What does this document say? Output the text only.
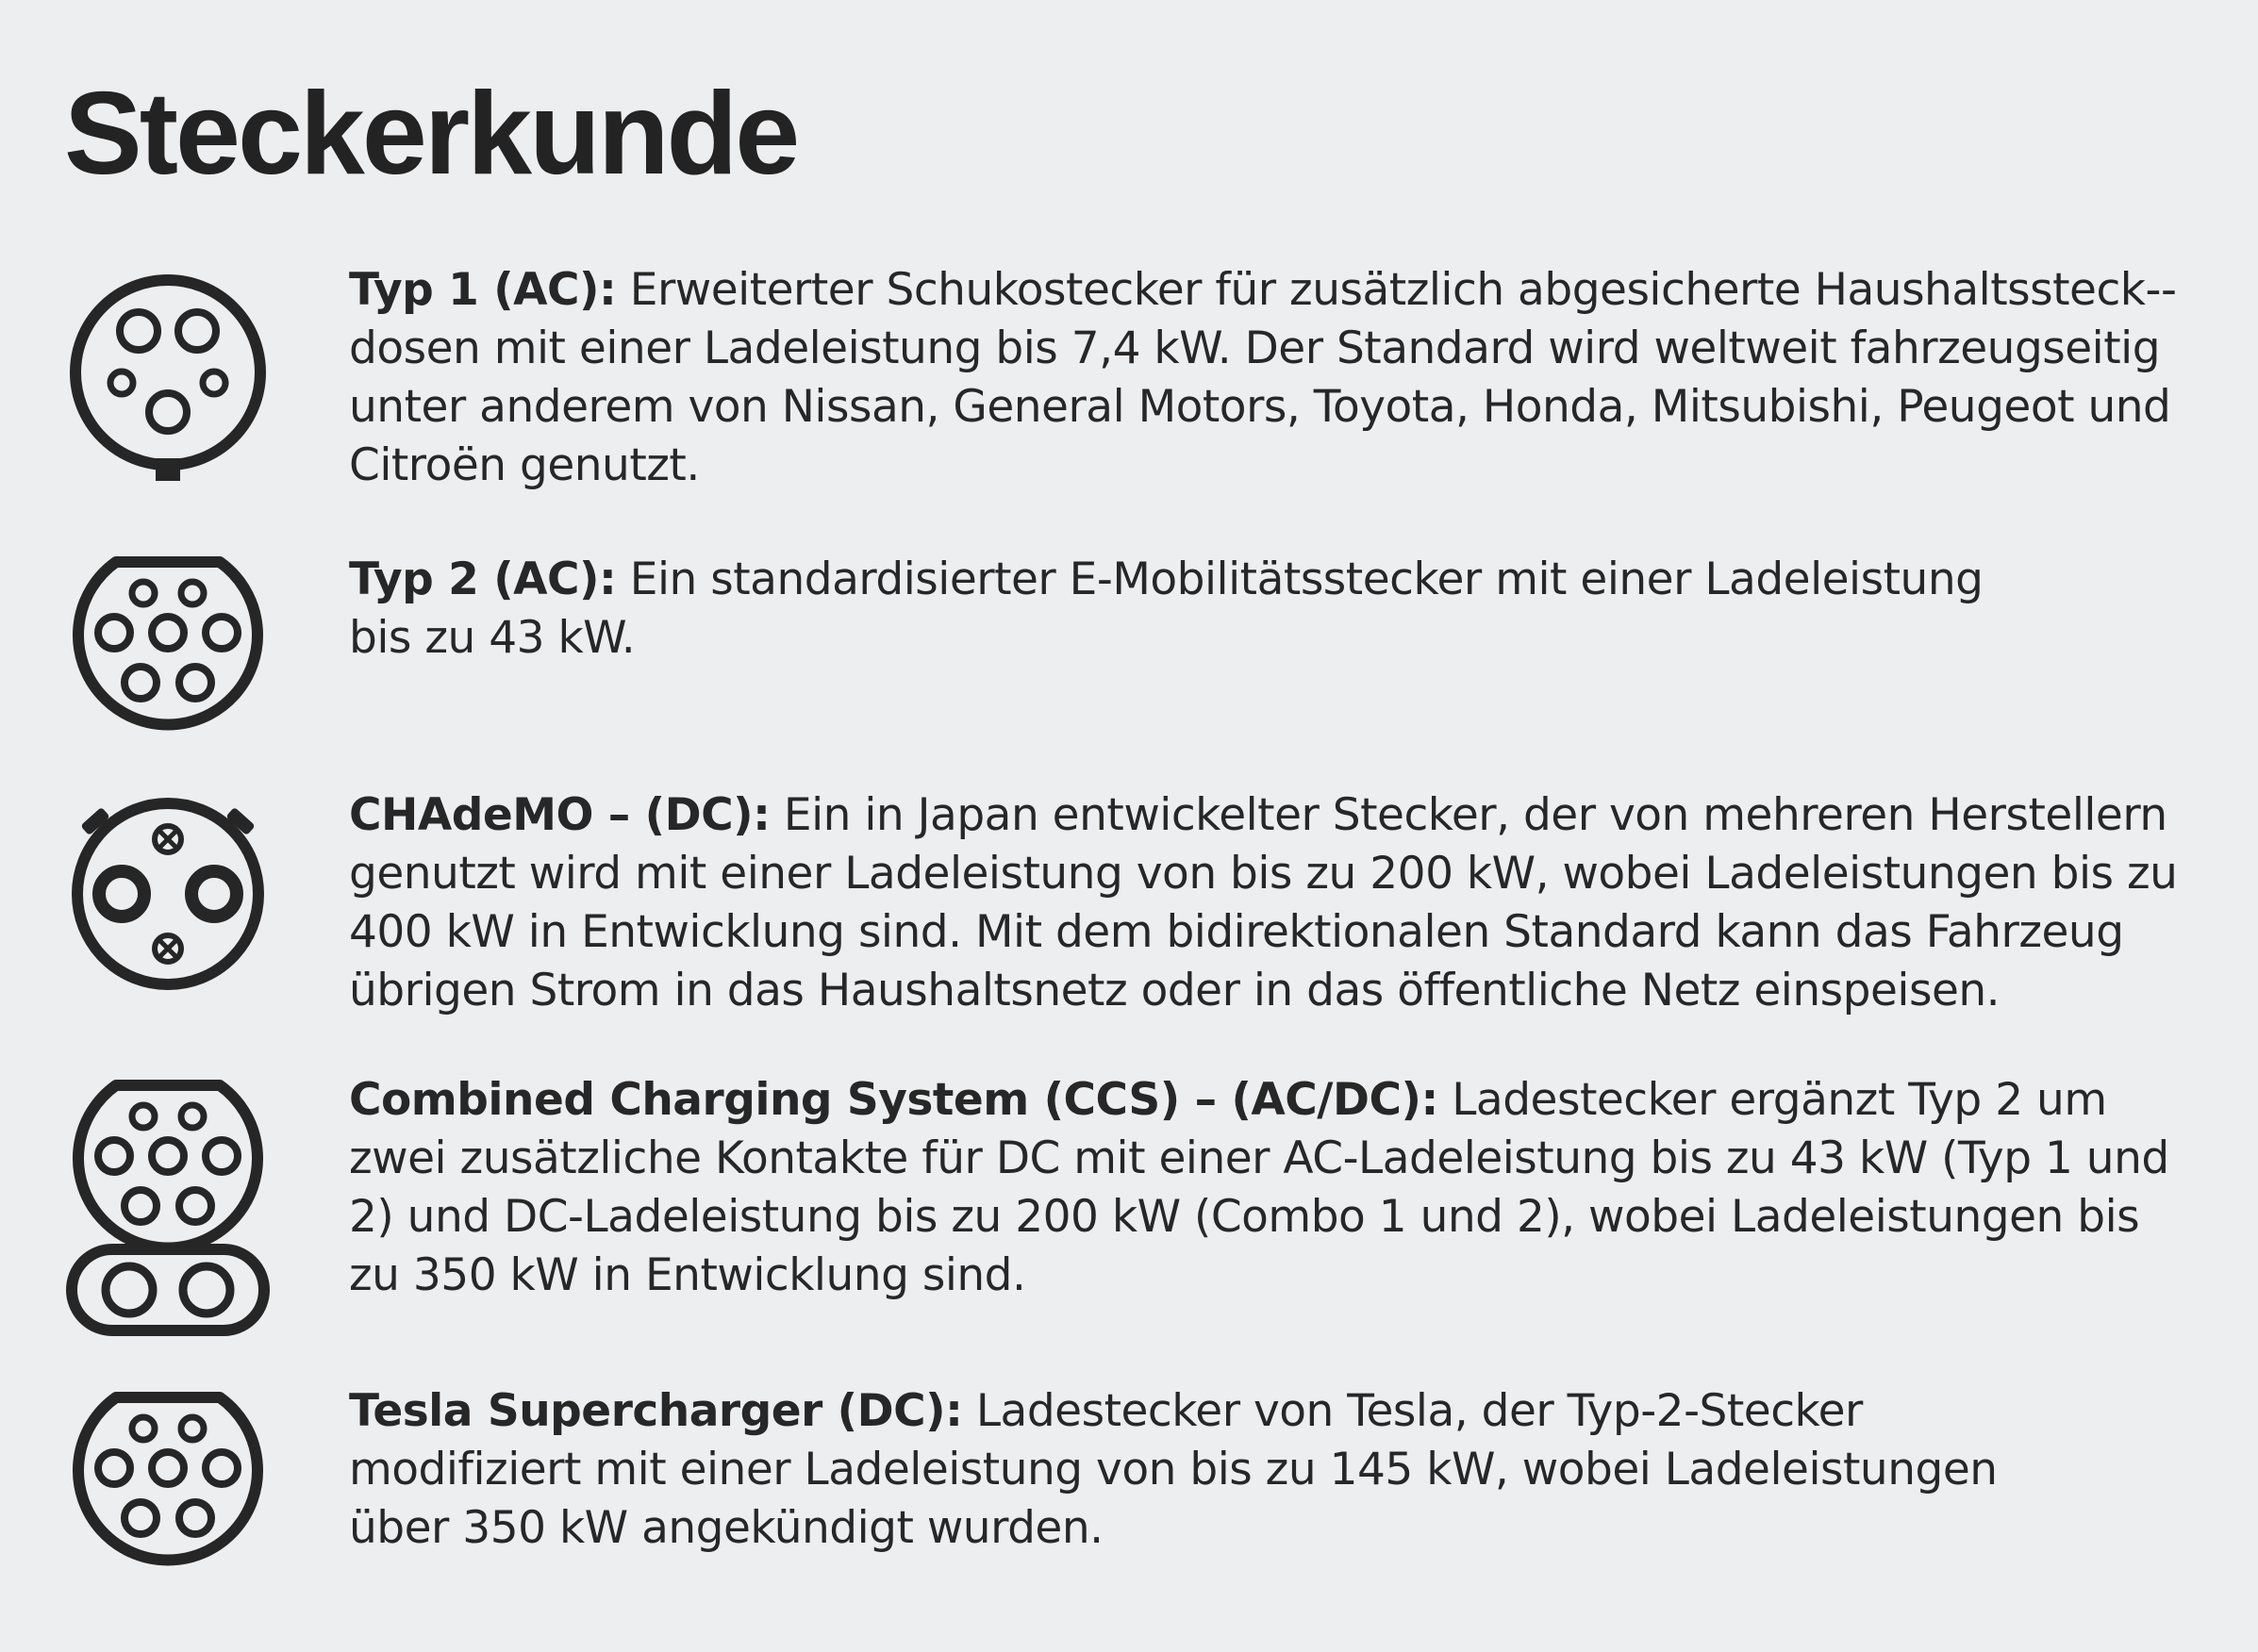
Steckerkunde

Typ 1 (AC): Erweiterter Schukostecker für zusätzlich abgesicherte Haushaltssteck-dosen mit einer Ladeleistung bis 7,4 kW. Der Standard wird weltweit fahrzeugseitig unter anderem von Nissan, General Motors, Toyota, Honda, Mitsubishi, Peugeot und Citroën genutzt.

Typ 2 (AC): Ein standardisierter E-Mobilitätsstecker mit einer Ladeleistung bis zu 43 kW.

CHAdeMO – (DC): Ein in Japan entwickelter Stecker, der von mehreren Herstellern genutzt wird mit einer Ladeleistung von bis zu 200 kW, wobei Ladeleistungen bis zu 400 kW in Entwicklung sind. Mit dem bidirektionalen Standard kann das Fahrzeug übrigen Strom in das Haushaltsnetz oder in das öffentliche Netz einspeisen.

Combined Charging System (CCS) – (AC/DC): Ladestecker ergänzt Typ 2 um zwei zusätzliche Kontakte für DC mit einer AC-Ladeleistung bis zu 43 kW (Typ 1 und 2) und DC-Ladeleistung bis zu 200 kW (Combo 1 und 2), wobei Ladeleistungen bis zu 350 kW in Entwicklung sind.

Tesla Supercharger (DC): Ladestecker von Tesla, der Typ-2-Stecker modifiziert mit einer Ladeleistung von bis zu 145 kW, wobei Ladeleistungen über 350 kW angekündigt wurden.
